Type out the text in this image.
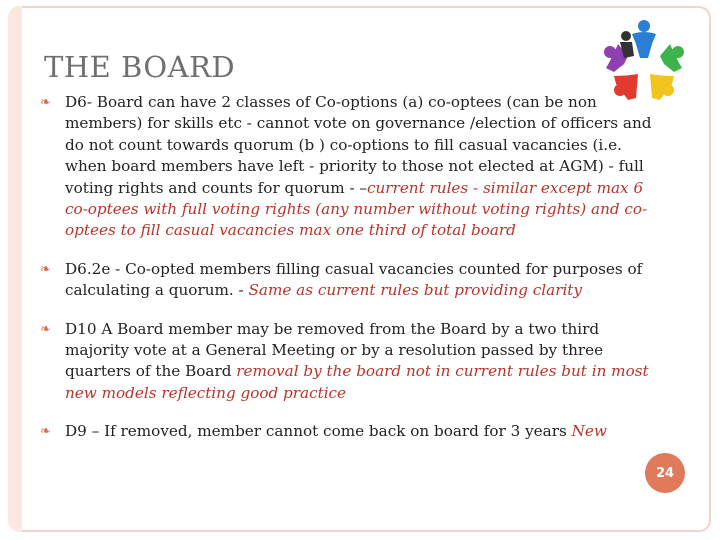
THE BOARD
❧ D6- Board can have 2 classes of Co-options (a) co-optees (can be non members) for skills etc - cannot vote on governance /election of officers and do not count towards quorum (b ) co-options to fill casual vacancies (i.e. when board members have left - priority to those not elected at AGM) - full voting rights and counts for quorum - –current rules - similar except max 6 co-optees with full voting rights (any number without voting rights) and co-optees to fill casual vacancies max one third of total board
❧ D6.2e - Co-opted members filling casual vacancies counted for purposes of calculating a quorum. - Same as current rules but providing clarity
❧ D10 A Board member may be removed from the Board by a two third majority vote at a General Meeting or by a resolution passed by three quarters of the Board removal by the board not in current rules but in most new models reflecting good practice
❧ D9 – If removed, member cannot come back on board for 3 years New
24
